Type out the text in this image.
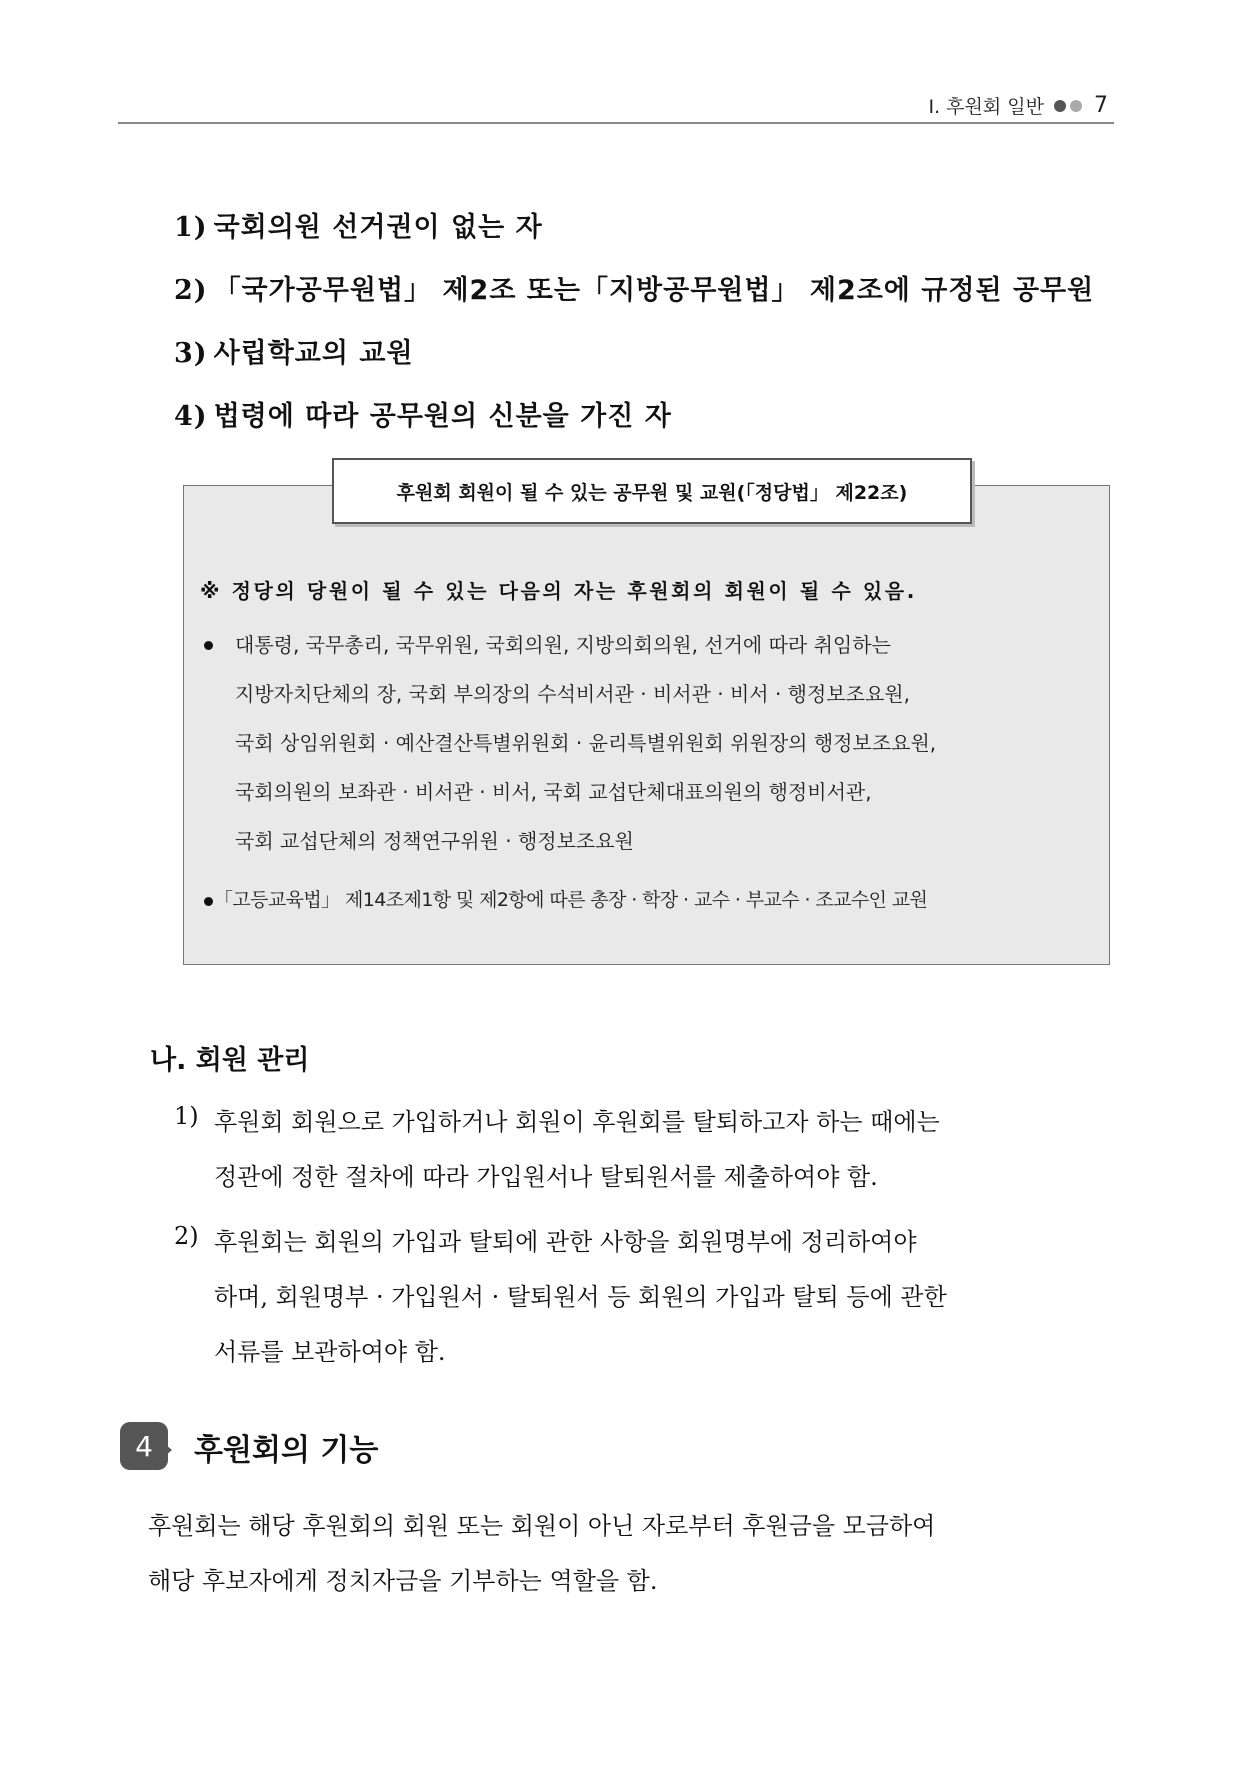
Ⅰ. 후원회 일반 7
1) 국회의원 선거권이 없는 자
2) 「국가공무원법」 제2조 또는「지방공무원법」 제2조에 규정된 공무원
3) 사립학교의 교원
4) 법령에 따라 공무원의 신분을 가진 자
후원회 회원이 될 수 있는 공무원 및 교원(「정당법」 제22조)
※ 정당의 당원이 될 수 있는 다음의 자는 후원회의 회원이 될 수 있음.
대통령, 국무총리, 국무위원, 국회의원, 지방의회의원, 선거에 따라 취임하는
지방자치단체의 장, 국회 부의장의 수석비서관 · 비서관 · 비서 · 행정보조요원,
국회 상임위원회 · 예산결산특별위원회 · 윤리특별위원회 위원장의 행정보조요원,
국회의원의 보좌관 · 비서관 · 비서, 국회 교섭단체대표의원의 행정비서관,
국회 교섭단체의 정책연구위원 · 행정보조요원
「고등교육법」 제14조제1항 및 제2항에 따른 총장 · 학장 · 교수 · 부교수 · 조교수인 교원
나. 회원 관리
1) 후원회 회원으로 가입하거나 회원이 후원회를 탈퇴하고자 하는 때에는
정관에 정한 절차에 따라 가입원서나 탈퇴원서를 제출하여야 함.
2) 후원회는 회원의 가입과 탈퇴에 관한 사항을 회원명부에 정리하여야
하며, 회원명부 · 가입원서 · 탈퇴원서 등 회원의 가입과 탈퇴 등에 관한
서류를 보관하여야 함.
4	후원회의 기능
후원회는 해당 후원회의 회원 또는 회원이 아닌 자로부터 후원금을 모금하여
해당 후보자에게 정치자금을 기부하는 역할을 함.
